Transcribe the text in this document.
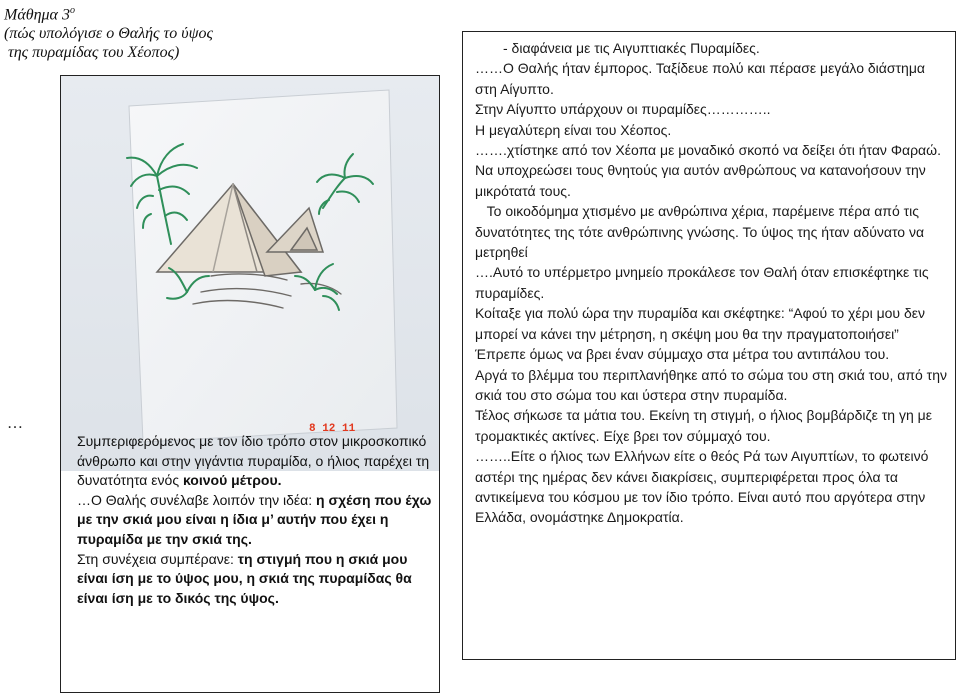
Μάθημα $3^o$
(πώς υπολόγισε ο Θαλής το ύψος
της πυραμίδας του Χέοπος)
…	8 12 11

Συμπεριφερόμενος με τον ίδιο τρόπο στον μικροσκοπικό άνθρωπο και στην γιγάντια πυραμίδα, ο ήλιος παρέχει τη δυνατότητα ενός κοινού μέτρου.

…Ο Θαλής συνέλαβε λοιπόν την ιδέα: η σχέση που έχω με την σκιά μου είναι η ίδια μ’ αυτήν που έχει η πυραμίδα με την σκιά της.

Στη συνέχεια συμπέρανε: τη στιγμή που η σκιά μου είναι ίση με το ύψος μου, η σκιά της πυραμίδας θα είναι ίση με το δικός της ύψος.

- διαφάνεια με τις Αιγυπτιακές Πυραμίδες.

……Ο Θαλής ήταν έμπορος. Ταξίδευε πολύ και πέρασε μεγάλο διάστημα στη Αίγυπτο.

Στην Αίγυπτο υπάρχουν οι πυραμίδες…………..

Η μεγαλύτερη είναι του Χέοπος.

…….χτίστηκε από τον Χέοπα με μοναδικό σκοπό να δείξει ότι ήταν Φαραώ.

Να υποχρεώσει τους θνητούς για αυτόν ανθρώπους να κατανοήσουν την μικρότατά τους.

Το οικοδόμημα χτισμένο με ανθρώπινα χέρια, παρέμεινε πέρα από τις δυνατότητες της τότε ανθρώπινης γνώσης. Το ύψος της ήταν αδύνατο να μετρηθεί

….Αυτό το υπέρμετρο μνημείο προκάλεσε τον Θαλή όταν επισκέφτηκε τις πυραμίδες.

Κοίταξε για πολύ ώρα την πυραμίδα και σκέφτηκε: “Αφού το χέρι μου δεν μπορεί να κάνει την μέτρηση, η σκέψη μου θα την πραγματοποιήσει”

Έπρεπε όμως να βρει έναν σύμμαχο στα μέτρα του αντιπάλου του.

Αργά το βλέμμα του περιπλανήθηκε από το σώμα του στη σκιά του, από την σκιά του στο σώμα του και ύστερα στην πυραμίδα.

Τέλος σήκωσε τα μάτια του. Εκείνη τη στιγμή, ο ήλιος βομβάρδιζε τη γη με τρομακτικές ακτίνες. Είχε βρει τον σύμμαχό του.

……..Είτε ο ήλιος των Ελλήνων είτε ο θεός Ρά των Αιγυπτίων, το φωτεινό αστέρι της ημέρας δεν κάνει διακρίσεις, συμπεριφέρεται προς όλα τα αντικείμενα του κόσμου με τον ίδιο τρόπο. Είναι αυτό που αργότερα στην Ελλάδα, ονομάστηκε Δημοκρατία.
